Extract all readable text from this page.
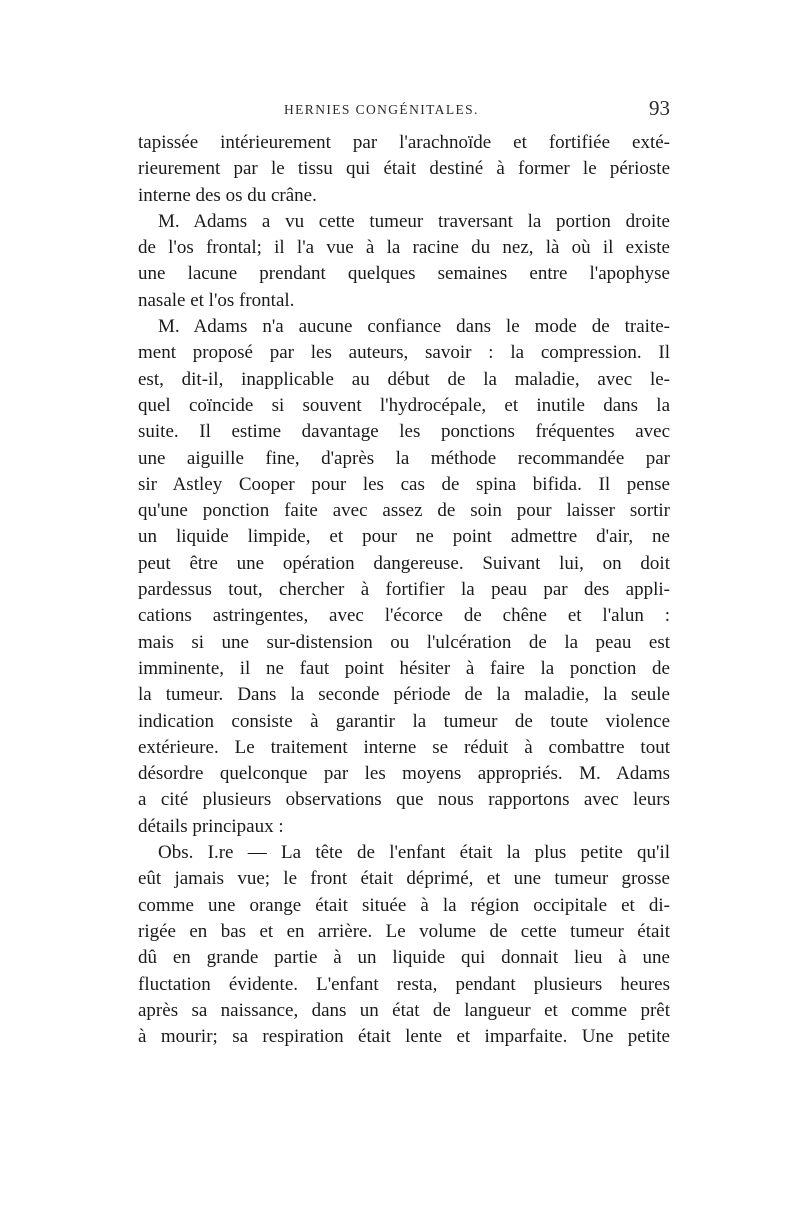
HERNIES CONGÉNITALES.	93
tapissée intérieurement par l'arachnoïde et fortifiée exté-
rieurement par le tissu qui était destiné à former le périoste
interne des os du crâne.
M. Adams a vu cette tumeur traversant la portion droite
de l'os frontal; il l'a vue à la racine du nez, là où il existe
une lacune prendant quelques semaines entre l'apophyse
nasale et l'os frontal.
M. Adams n'a aucune confiance dans le mode de traite-
ment proposé par les auteurs, savoir : la compression. Il
est, dit-il, inapplicable au début de la maladie, avec le-
quel coïncide si souvent l'hydrocépale, et inutile dans la
suite. Il estime davantage les ponctions fréquentes avec
une aiguille fine, d'après la méthode recommandée par
sir Astley Cooper pour les cas de spina bifida. Il pense
qu'une ponction faite avec assez de soin pour laisser sortir
un liquide limpide, et pour ne point admettre d'air, ne
peut être une opération dangereuse. Suivant lui, on doit
pardessus tout, chercher à fortifier la peau par des appli-
cations astringentes, avec l'écorce de chêne et l'alun :
mais si une sur-distension ou l'ulcération de la peau est
imminente, il ne faut point hésiter à faire la ponction de
la tumeur. Dans la seconde période de la maladie, la seule
indication consiste à garantir la tumeur de toute violence
extérieure. Le traitement interne se réduit à combattre tout
désordre quelconque par les moyens appropriés. M. Adams
a cité plusieurs observations que nous rapportons avec leurs
détails principaux :
Obs. I.re — La tête de l'enfant était la plus petite qu'il
eût jamais vue; le front était déprimé, et une tumeur grosse
comme une orange était située à la région occipitale et di-
rigée en bas et en arrière. Le volume de cette tumeur était
dû en grande partie à un liquide qui donnait lieu à une
fluctation évidente. L'enfant resta, pendant plusieurs heures
après sa naissance, dans un état de langueur et comme prêt
à mourir; sa respiration était lente et imparfaite. Une petite
